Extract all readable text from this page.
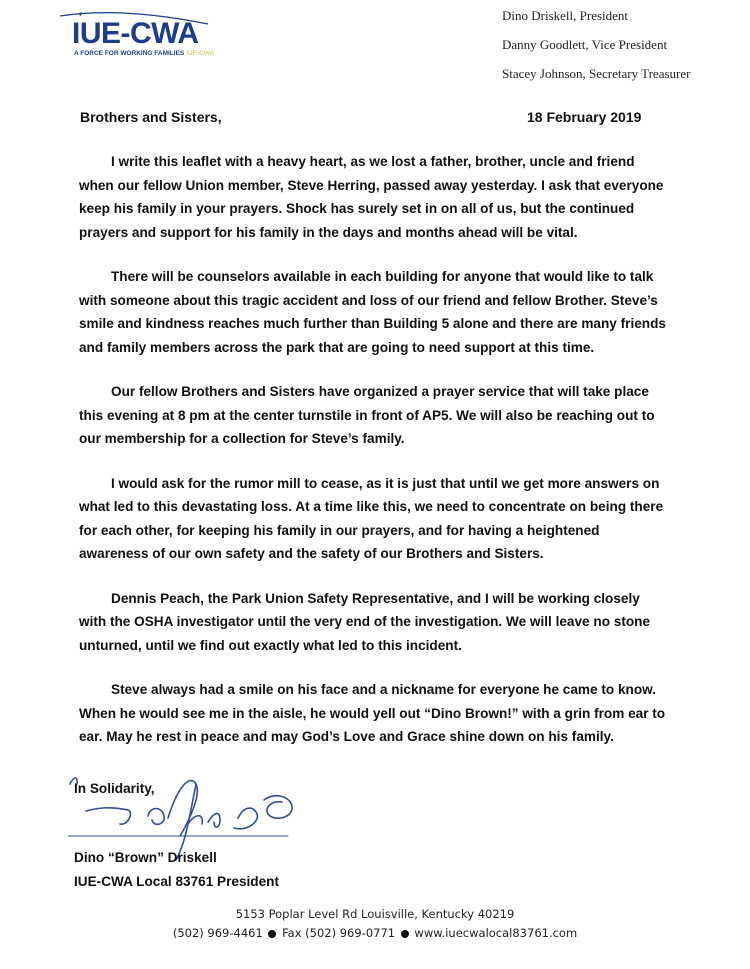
IUE-CWA
A FORCE FOR WORKING FAMILIES IUE-CWA
Dino Driskell, President
Danny Goodlett, Vice President
Stacey Johnson, Secretary Treasurer
Brothers and Sisters,	18 February 2019

I write this leaflet with a heavy heart, as we lost a father, brother, uncle and friend when our fellow Union member, Steve Herring, passed away yesterday. I ask that everyone keep his family in your prayers. Shock has surely set in on all of us, but the continued prayers and support for his family in the days and months ahead will be vital.

There will be counselors available in each building for anyone that would like to talk with someone about this tragic accident and loss of our friend and fellow Brother. Steve’s smile and kindness reaches much further than Building 5 alone and there are many friends and family members across the park that are going to need support at this time.

Our fellow Brothers and Sisters have organized a prayer service that will take place this evening at 8 pm at the center turnstile in front of AP5. We will also be reaching out to our membership for a collection for Steve’s family.

I would ask for the rumor mill to cease, as it is just that until we get more answers on what led to this devastating loss. At a time like this, we need to concentrate on being there for each other, for keeping his family in our prayers, and for having a heightened awareness of our own safety and the safety of our Brothers and Sisters.

Dennis Peach, the Park Union Safety Representative, and I will be working closely with the OSHA investigator until the very end of the investigation. We will leave no stone unturned, until we find out exactly what led to this incident.

Steve always had a smile on his face and a nickname for everyone he came to know. When he would see me in the aisle, he would yell out “Dino Brown!” with a grin from ear to ear. May he rest in peace and may God’s Love and Grace shine down on his family.

In Solidarity,
Dino “Brown” Driskell
IUE-CWA Local 83761 President
5153 Poplar Level Rd Louisville, Kentucky 40219
(502) 969-4461 Fax (502) 969-0771 www.iuecwalocal83761.com
